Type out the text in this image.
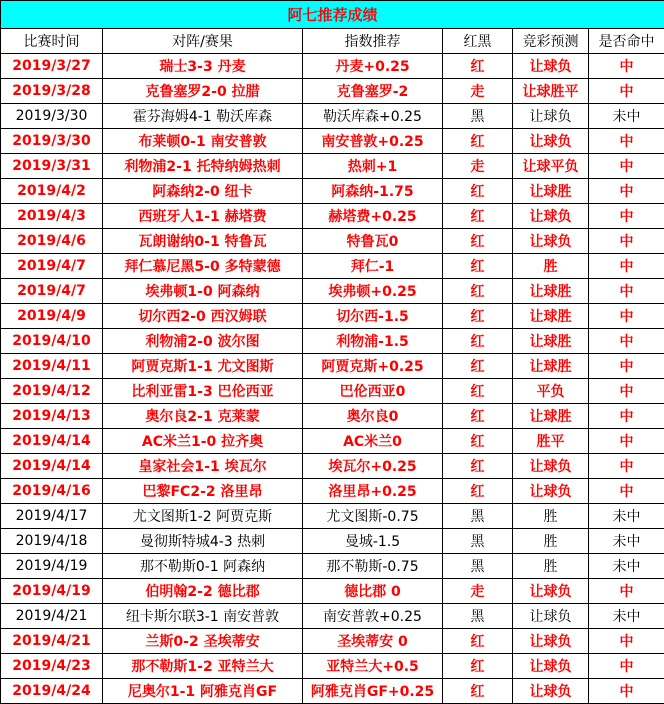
阿七推荐成绩					
比赛时间	对阵/赛果	指数推荐	红黑	竞彩预测	是否命中
2019/3/27	瑞士3-3 丹麦	丹麦+0.25	红	让球负	中
2019/3/28	克鲁塞罗2-0 拉腊	克鲁塞罗-2	走	让球胜平	中
2019/3/30	霍芬海姆4-1 勒沃库森	勒沃库森+0.25	黑	让球负	未中
2019/3/30	布莱顿0-1 南安普敦	南安普敦+0.25	红	让球负	中
2019/3/31	利物浦2-1 托特纳姆热刺	热刺+1	走	让球平负	中
2019/4/2	阿森纳2-0 纽卡	阿森纳-1.75	红	让球胜	中
2019/4/3	西班牙人1-1 赫塔费	赫塔费+0.25	红	让球负	中
2019/4/6	瓦朗谢纳0-1 特鲁瓦	特鲁瓦0	红	让球负	中
2019/4/7	拜仁慕尼黑5-0 多特蒙德	拜仁-1	红	胜	中
2019/4/7	埃弗顿1-0 阿森纳	埃弗顿+0.25	红	让球胜	中
2019/4/9	切尔西2-0 西汉姆联	切尔西-1.5	红	让球胜	中
2019/4/10	利物浦2-0 波尔图	利物浦-1.5	红	让球胜	中
2019/4/11	阿贾克斯1-1 尤文图斯	阿贾克斯+0.25	红	让球胜	中
2019/4/12	比利亚雷1-3 巴伦西亚	巴伦西亚0	红	平负	中
2019/4/13	奥尔良2-1 克莱蒙	奥尔良0	红	让球胜	中
2019/4/14	AC米兰1-0 拉齐奥	AC米兰0	红	胜平	中
2019/4/14	皇家社会1-1 埃瓦尔	埃瓦尔+0.25	红	让球负	中
2019/4/16	巴黎FC2-2 洛里昂	洛里昂+0.25	红	让球负	中
2019/4/17	尤文图斯1-2 阿贾克斯	尤文图斯-0.75	黑	胜	未中
2019/4/18	曼彻斯特城4-3 热刺	曼城-1.5	黑	胜	未中
2019/4/19	那不勒斯0-1 阿森纳	那不勒斯-0.75	黑	胜	未中
2019/4/19	伯明翰2-2 德比郡	德比郡 0	走	让球负	中
2019/4/21	纽卡斯尔联3-1 南安普敦	南安普敦+0.25	黑	让球负	未中
2019/4/21	兰斯0-2 圣埃蒂安	圣埃蒂安 0	红	让球负	中
2019/4/23	那不勒斯1-2 亚特兰大	亚特兰大+0.5	红	让球负	中
2019/4/24	尼奥尔1-1 阿雅克肖GF	阿雅克肖GF+0.25	红	让球负	中
